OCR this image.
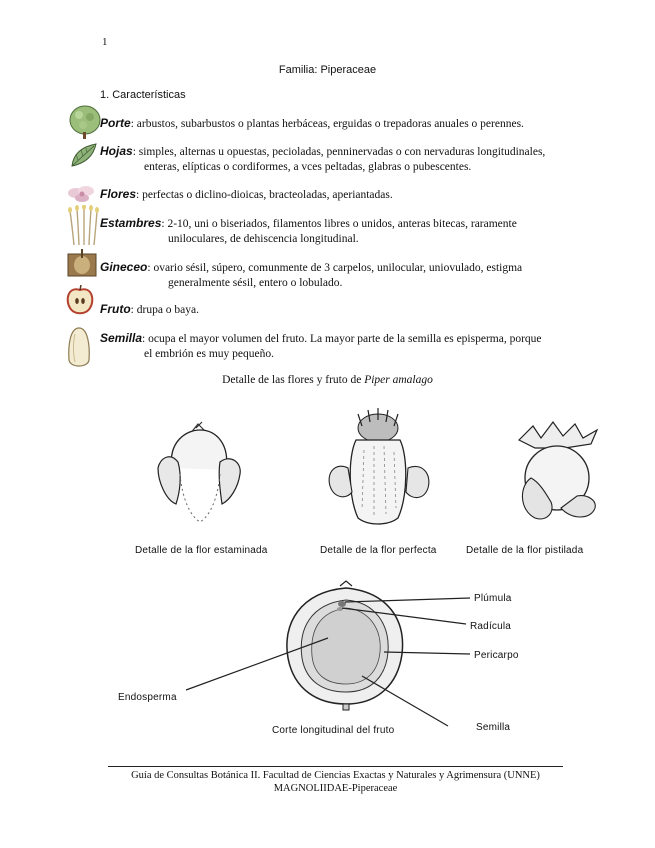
1
Familia: Piperaceae
1. Características
Porte: arbustos, subarbustos o plantas herbáceas, erguidas o trepadoras anuales o perennes.
Hojas: simples, alternas u opuestas, pecioladas, penninervadas o con nervaduras longitudinales,
enteras, elípticas o cordiformes, a vces peltadas, glabras o pubescentes.
Flores: perfectas o diclino-dioicas, bracteoladas, aperiantadas.
Estambres: 2-10, uni o biseriados, filamentos libres o unidos, anteras bitecas, raramente
uniloculares, de dehiscencia longitudinal.
Gineceo: ovario sésil, súpero, comunmente de 3 carpelos, unilocular, uniovulado, estigma
generalmente sésil, entero o lobulado.
Fruto: drupa o baya.
Semilla: ocupa el mayor volumen del fruto. La mayor parte de la semilla es episperma, porque
el embrión es muy pequeño.
Detalle de las flores y fruto de Piper amalago
Detalle de la flor estaminada	Detalle de la flor perfecta	Detalle de la flor pistilada
Plúmula
Radícula
Pericarpo
Endosperma
Semilla
Corte longitudinal del fruto
Guía de Consultas Botánica II. Facultad de Ciencias Exactas y Naturales y Agrimensura (UNNE)
MAGNOLIIDAE-Piperaceae
